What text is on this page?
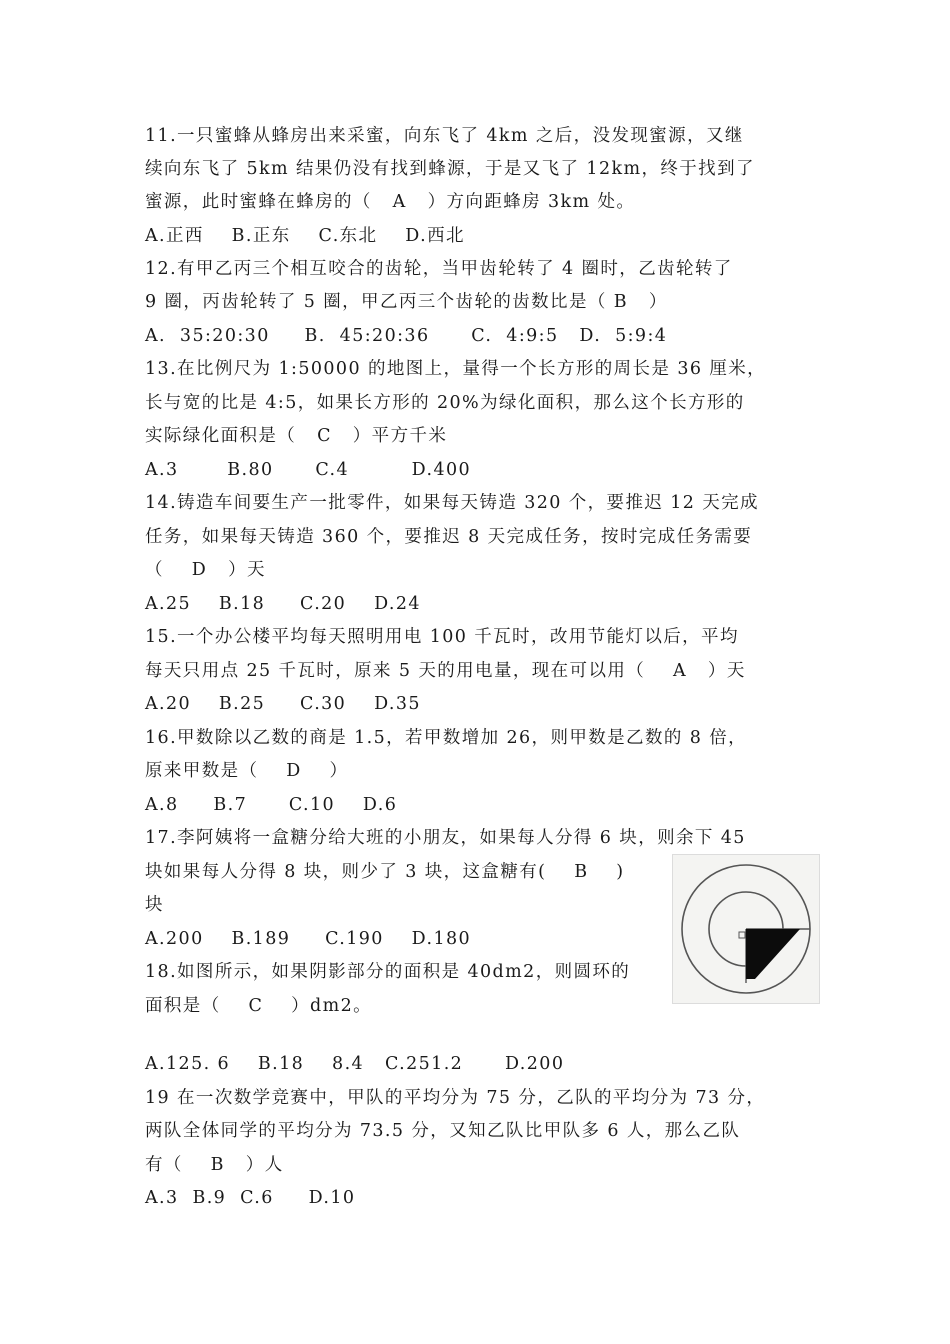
11.一只蜜蜂从蜂房出来采蜜，向东飞了 4km 之后，没发现蜜源，又继
续向东飞了 5km 结果仍没有找到蜂源，于是又飞了 12km，终于找到了
蜜源，此时蜜蜂在蜂房的（   A   ）方向距蜂房 3km 处。
A.正西    B.正东    C.东北    D.西北
12.有甲乙丙三个相互咬合的齿轮，当甲齿轮转了 4 圈时，乙齿轮转了
9 圈，丙齿轮转了 5 圈，甲乙丙三个齿轮的齿数比是（ B   ）
A.  35:20:30     B.  45:20:36      C.  4:9:5   D.  5:9:4
13.在比例尺为 1:50000 的地图上，量得一个长方形的周长是 36 厘米，
长与宽的比是 4:5，如果长方形的 20%为绿化面积，那么这个长方形的
实际绿化面积是（   C   ）平方千米
A.3       B.80      C.4         D.400
14.铸造车间要生产一批零件，如果每天铸造 320 个，要推迟 12 天完成
任务，如果每天铸造 360 个，要推迟 8 天完成任务，按时完成任务需要
（    D   ）天
A.25    B.18     C.20    D.24
15.一个办公楼平均每天照明用电 100 千瓦时，改用节能灯以后，平均
每天只用点 25 千瓦时，原来 5 天的用电量，现在可以用（    A   ）天
A.20    B.25     C.30    D.35
16.甲数除以乙数的商是 1.5，若甲数增加 26，则甲数是乙数的 8 倍，
原来甲数是（    D    ）
A.8     B.7      C.10    D.6
17.李阿姨将一盒糖分给大班的小朋友，如果每人分得 6 块，则余下 45
块如果每人分得 8 块，则少了 3 块，这盒糖有(    B    )
块
A.200    B.189     C.190    D.180
18.如图所示，如果阴影部分的面积是 40dm2，则圆环的
面积是（    C    ）dm2。
A.125. 6    B.18    8.4   C.251.2      D.200
19 在一次数学竞赛中，甲队的平均分为 75 分，乙队的平均分为 73 分，
两队全体同学的平均分为 73.5 分，又知乙队比甲队多 6 人，那么乙队
有（    B   ）人
A.3  B.9  C.6     D.10
